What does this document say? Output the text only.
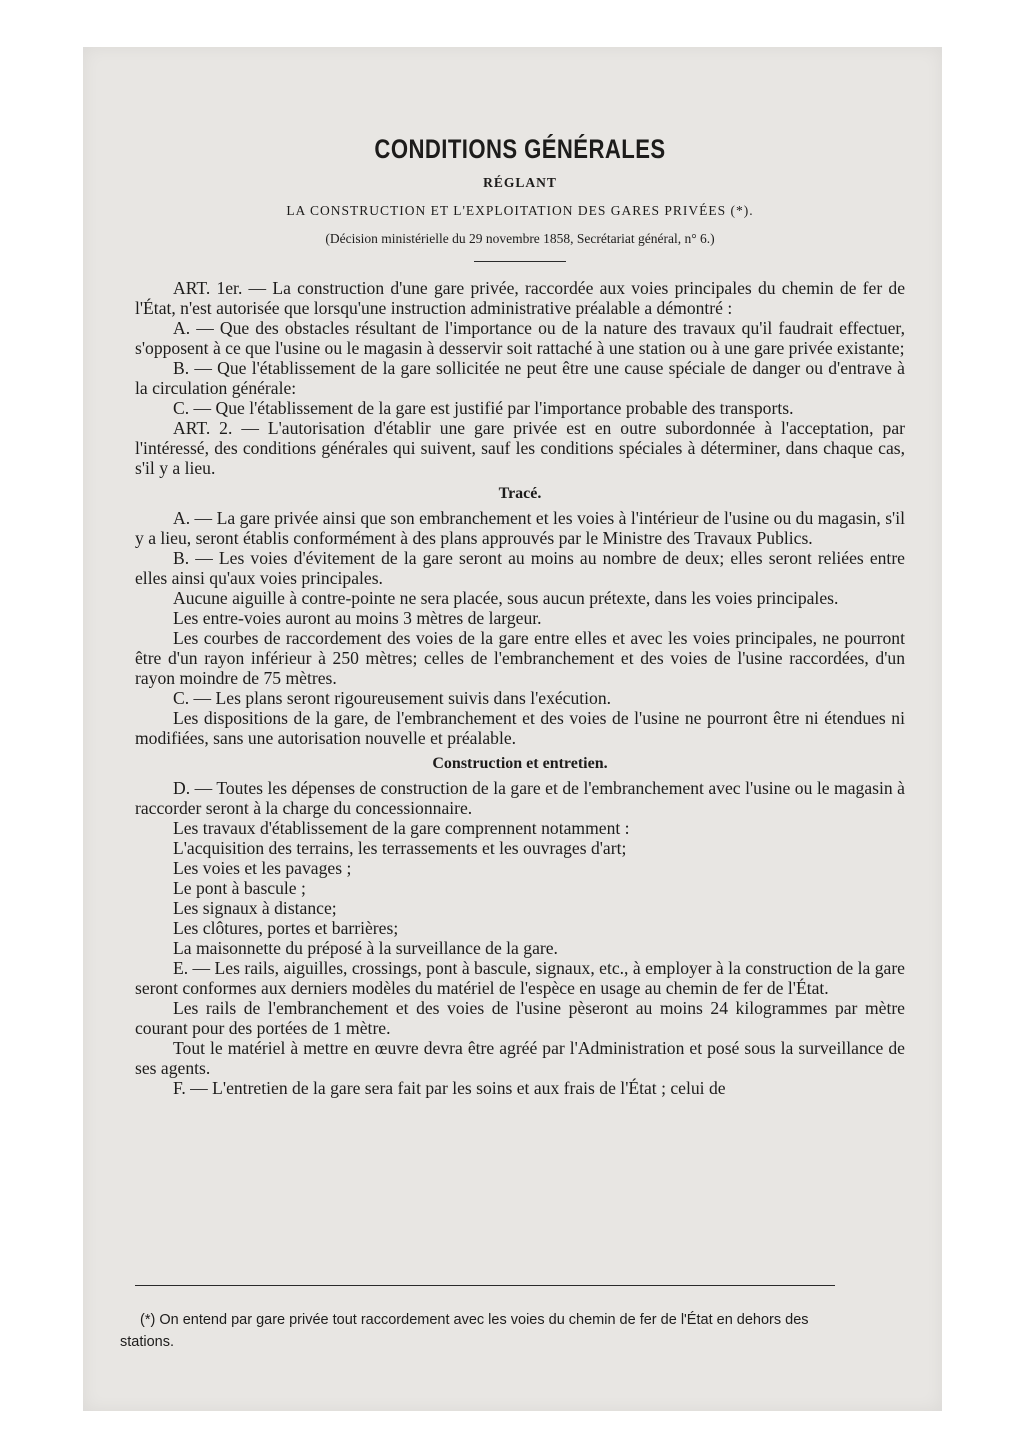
CONDITIONS GÉNÉRALES
RÉGLANT
LA CONSTRUCTION ET L'EXPLOITATION DES GARES PRIVÉES (*).
(Décision ministérielle du 29 novembre 1858, Secrétariat général, n° 6.)

ART. 1er. — La construction d'une gare privée, raccordée aux voies principales du chemin de fer de l'État, n'est autorisée que lorsqu'une instruction administrative préalable a démontré :

A. — Que des obstacles résultant de l'importance ou de la nature des travaux qu'il faudrait effectuer, s'opposent à ce que l'usine ou le magasin à desservir soit rattaché à une station ou à une gare privée existante;

B. — Que l'établissement de la gare sollicitée ne peut être une cause spéciale de danger ou d'entrave à la circulation générale:

C. — Que l'établissement de la gare est justifié par l'importance probable des transports.

ART. 2. — L'autorisation d'établir une gare privée est en outre subordonnée à l'acceptation, par l'intéressé, des conditions générales qui suivent, sauf les conditions spéciales à déterminer, dans chaque cas, s'il y a lieu.

Tracé.

A. — La gare privée ainsi que son embranchement et les voies à l'intérieur de l'usine ou du magasin, s'il y a lieu, seront établis conformément à des plans approuvés par le Ministre des Travaux Publics.

B. — Les voies d'évitement de la gare seront au moins au nombre de deux; elles seront reliées entre elles ainsi qu'aux voies principales.

Aucune aiguille à contre-pointe ne sera placée, sous aucun prétexte, dans les voies principales.

Les entre-voies auront au moins 3 mètres de largeur.

Les courbes de raccordement des voies de la gare entre elles et avec les voies principales, ne pourront être d'un rayon inférieur à 250 mètres; celles de l'embranchement et des voies de l'usine raccordées, d'un rayon moindre de 75 mètres.

C. — Les plans seront rigoureusement suivis dans l'exécution.

Les dispositions de la gare, de l'embranchement et des voies de l'usine ne pourront être ni étendues ni modifiées, sans une autorisation nouvelle et préalable.

Construction et entretien.

D. — Toutes les dépenses de construction de la gare et de l'embranchement avec l'usine ou le magasin à raccorder seront à la charge du concessionnaire.

Les travaux d'établissement de la gare comprennent notamment :

L'acquisition des terrains, les terrassements et les ouvrages d'art;

Les voies et les pavages ;

Le pont à bascule ;

Les signaux à distance;

Les clôtures, portes et barrières;

La maisonnette du préposé à la surveillance de la gare.

E. — Les rails, aiguilles, crossings, pont à bascule, signaux, etc., à employer à la construction de la gare seront conformes aux derniers modèles du matériel de l'espèce en usage au chemin de fer de l'État.

Les rails de l'embranchement et des voies de l'usine pèseront au moins 24 kilogrammes par mètre courant pour des portées de 1 mètre.

Tout le matériel à mettre en œuvre devra être agréé par l'Administration et posé sous la surveillance de ses agents.

F. — L'entretien de la gare sera fait par les soins et aux frais de l'État ; celui de

(*) On entend par gare privée tout raccordement avec les voies du chemin de fer de l'État en dehors des stations.
